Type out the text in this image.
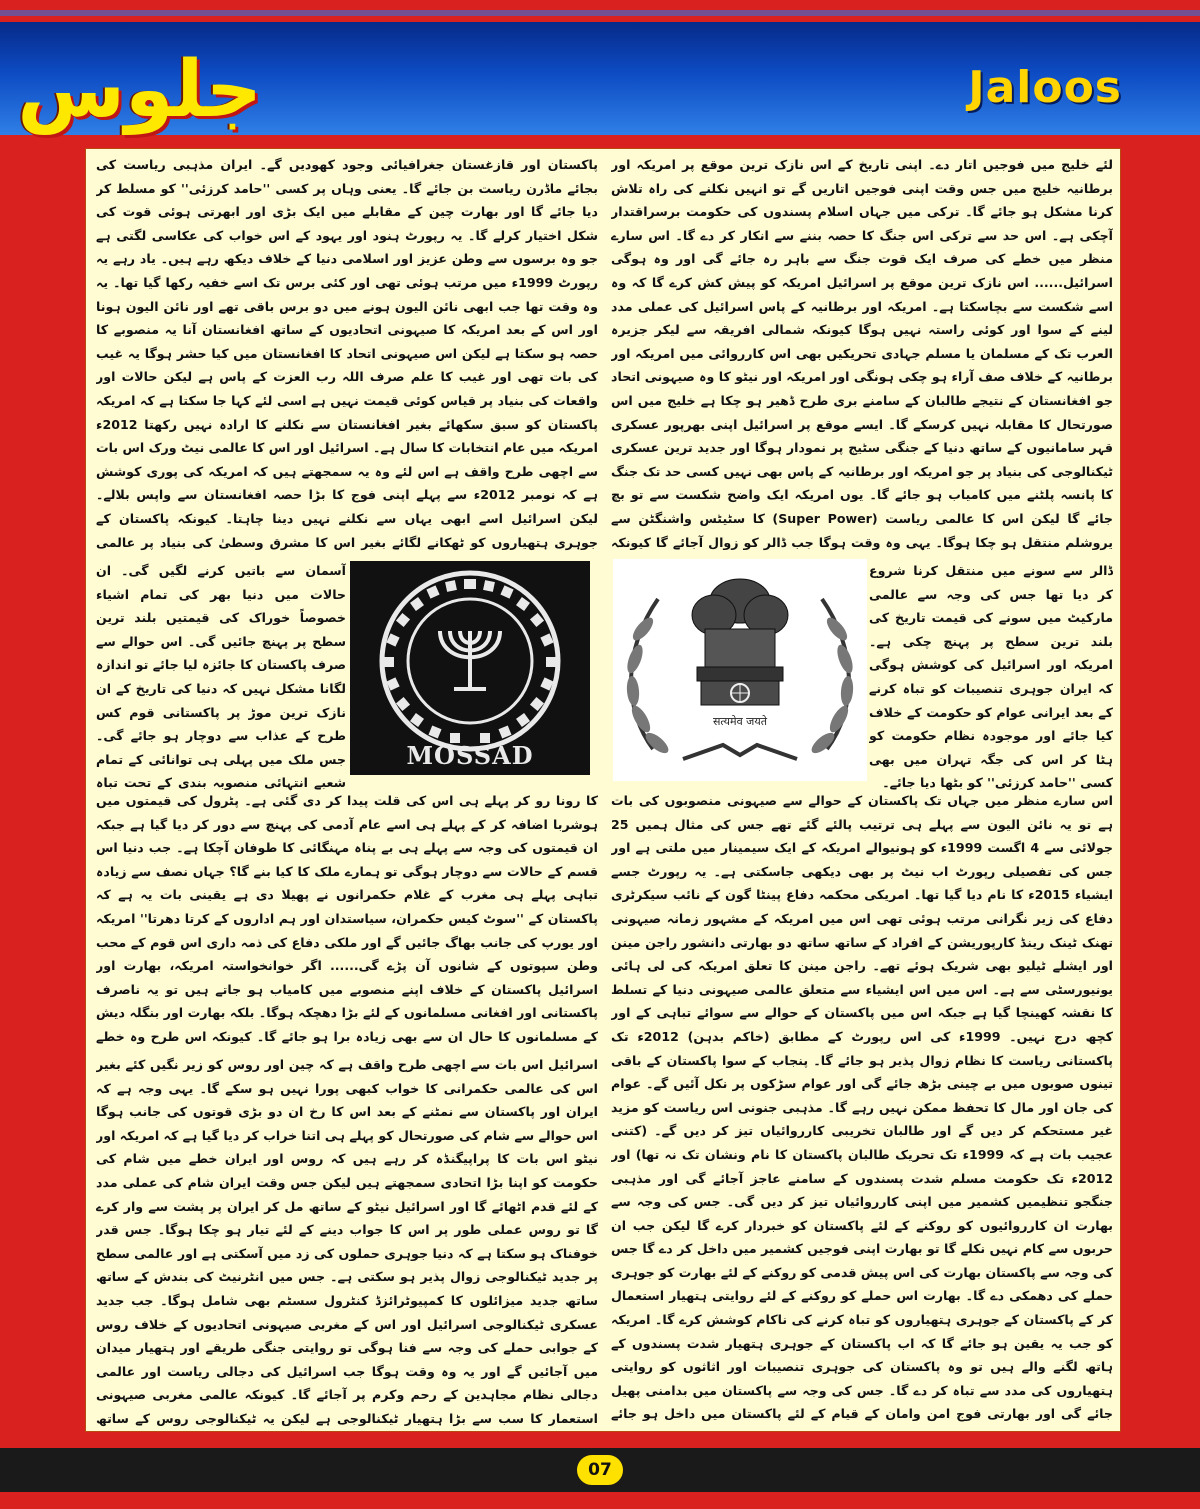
جلوس	Jaloos

لئے خلیج میں فوجیں اتار دے۔ اپنی تاریخ کے اس نازک ترین موقع پر امریکہ اور برطانیہ خلیج میں جس وقت اپنی فوجیں اتاریں گے تو انہیں نکلنے کی راہ تلاش کرنا مشکل ہو جائے گا۔ ترکی میں جہاں اسلام پسندوں کی حکومت برسراقتدار آچکی ہے۔ اس حد سے ترکی اس جنگ کا حصہ بننے سے انکار کر دے گا۔ اس سارے منظر میں خطے کی صرف ایک قوت جنگ سے باہر رہ جائے گی اور وہ ہوگی اسرائیل...... اس نازک ترین موقع پر اسرائیل امریکہ کو پیش کش کرے گا کہ وہ اسے شکست سے بچاسکتا ہے۔ امریکہ اور برطانیہ کے پاس اسرائیل کی عملی مدد لینے کے سوا اور کوئی راستہ نہیں ہوگا کیونکہ شمالی افریقہ سے لیکر جزیرہ العرب تک کے مسلمان یا مسلم جہادی تحریکیں بھی اس کارروائی میں امریکہ اور برطانیہ کے خلاف صف آراء ہو چکی ہونگی اور امریکہ اور نیٹو کا وہ صیہونی اتحاد جو افغانستان کے نتیجے طالبان کے سامنے بری طرح ڈھیر ہو چکا ہے خلیج میں اس صورتحال کا مقابلہ نہیں کرسکے گا۔ ایسے موقع پر اسرائیل اپنی بھرپور عسکری قہر سامانیوں کے ساتھ دنیا کے جنگی سٹیج پر نمودار ہوگا اور جدید ترین عسکری ٹیکنالوجی کی بنیاد پر جو امریکہ اور برطانیہ کے پاس بھی نہیں کسی حد تک جنگ کا پانسہ پلٹنے میں کامیاب ہو جائے گا۔ یوں امریکہ ایک واضح شکست سے تو بچ جائے گا لیکن اس کا عالمی ریاست (Super Power) کا سٹیٹس واشنگٹن سے یروشلم منتقل ہو چکا ہوگا۔ یہی وہ وقت ہوگا جب ڈالر کو زوال آجائے گا کیونکہ

सत्यमेव जयते

ڈالر سے سونے میں منتقل کرنا شروع کر دیا تھا جس کی وجہ سے عالمی مارکیٹ میں سونے کی قیمت تاریخ کی بلند ترین سطح پر پہنچ چکی ہے۔ امریکہ اور اسرائیل کی کوشش ہوگی کہ ایران جوہری تنصیبات کو تباہ کرنے کے بعد ایرانی عوام کو حکومت کے خلاف کیا جائے اور موجودہ نظام حکومت کو ہٹا کر اس کی جگہ تہران میں بھی کسی ''حامد کرزئی'' کو بٹھا دیا جائے۔

اس سارے منظر میں جہاں تک پاکستان کے حوالے سے صیہونی منصوبوں کی بات ہے تو یہ نائن الیون سے پہلے ہی ترتیب پالئے گئے تھے جس کی مثال ہمیں 25 جولائی سے 4 اگست 1999ء کو ہونیوالے امریکہ کے ایک سیمینار میں ملتی ہے اور جس کی تفصیلی رپورٹ اب نیٹ پر بھی دیکھی جاسکتی ہے۔ یہ رپورٹ جسے ایشیاء 2015ء کا نام دیا گیا تھا۔ امریکی محکمہ دفاع پینٹا گون کے نائب سیکرٹری دفاع کی زیر نگرانی مرتب ہوئی تھی اس میں امریکہ کے مشہور زمانہ صیہونی تھنک ٹینک رینڈ کارپوریشن کے افراد کے ساتھ ساتھ دو بھارتی دانشور راجن مینن اور ایشلے ٹیلیو بھی شریک ہوئے تھے۔ راجن مینن کا تعلق امریکہ کی لی ہائی یونیورسٹی سے ہے۔ اس میں اس ایشیاء سے متعلق عالمی صیہونی دنیا کے تسلط کا نقشہ کھینچا گیا ہے جبکہ اس میں پاکستان کے حوالے سے سوائے تباہی کے اور کچھ درج نہیں۔ 1999ء کی اس رپورٹ کے مطابق (خاکم بدہن) 2012ء تک پاکستانی ریاست کا نظام زوال پذیر ہو جائے گا۔ پنجاب کے سوا پاکستان کے باقی تینوں صوبوں میں بے چینی بڑھ جائے گی اور عوام سڑکوں پر نکل آئیں گے۔ عوام کی جان اور مال کا تحفظ ممکن نہیں رہے گا۔ مذہبی جنونی اس ریاست کو مزید غیر مستحکم کر دیں گے اور طالبان تخریبی کارروائیاں تیز کر دیں گے۔ (کتنی عجیب بات ہے کہ 1999ء تک تحریک طالبان پاکستان کا نام ونشان تک نہ تھا) اور 2012ء تک حکومت مسلم شدت پسندوں کے سامنے عاجز آجائے گی اور مذہبی جنگجو تنظیمیں کشمیر میں اپنی کارروائیاں تیز کر دیں گی۔ جس کی وجہ سے بھارت ان کارروائیوں کو روکنے کے لئے پاکستان کو خبردار کرے گا لیکن جب ان حربوں سے کام نہیں نکلے گا تو بھارت اپنی فوجیں کشمیر میں داخل کر دے گا جس کی وجہ سے پاکستان بھارت کی اس پیش قدمی کو روکنے کے لئے بھارت کو جوہری حملے کی دھمکی دے گا۔ بھارت اس حملے کو روکنے کے لئے روایتی ہتھیار استعمال کر کے پاکستان کے جوہری ہتھیاروں کو تباہ کرنے کی ناکام کوشش کرے گا۔ امریکہ کو جب یہ یقین ہو جائے گا کہ اب پاکستان کے جوہری ہتھیار شدت پسندوں کے ہاتھ لگنے والے ہیں تو وہ پاکستان کی جوہری تنصیبات اور اثاثوں کو روایتی ہتھیاروں کی مدد سے تباہ کر دے گا۔ جس کی وجہ سے پاکستان میں بدامنی پھیل جائے گی اور بھارتی فوج امن وامان کے قیام کے لئے پاکستان میں داخل ہو جائے

پاکستان اور قازغستان جغرافیائی وجود کھودیں گے۔ ایران مذہبی ریاست کی بجائے ماڈرن ریاست بن جائے گا۔ یعنی وہاں پر کسی ''حامد کرزئی'' کو مسلط کر دیا جائے گا اور بھارت چین کے مقابلے میں ایک بڑی اور ابھرتی ہوئی قوت کی شکل اختیار کرلے گا۔ یہ رپورٹ ہنود اور یہود کے اس خواب کی عکاسی لگتی ہے جو وہ برسوں سے وطن عزیز اور اسلامی دنیا کے خلاف دیکھ رہے ہیں۔ یاد رہے یہ رپورٹ 1999ء میں مرتب ہوئی تھی اور کئی برس تک اسے خفیہ رکھا گیا تھا۔ یہ وہ وقت تھا جب ابھی نائن الیون ہونے میں دو برس باقی تھے اور نائن الیون ہونا اور اس کے بعد امریکہ کا صیہونی اتحادیوں کے ساتھ افغانستان آنا یہ منصوبے کا حصہ ہو سکتا ہے لیکن اس صیہونی اتحاد کا افغانستان میں کیا حشر ہوگا یہ غیب کی بات تھی اور غیب کا علم صرف اللہ رب العزت کے پاس ہے لیکن حالات اور واقعات کی بنیاد پر قیاس کوئی قیمت نہیں ہے اسی لئے کہا جا سکتا ہے کہ امریکہ پاکستان کو سبق سکھائے بغیر افغانستان سے نکلنے کا ارادہ نہیں رکھتا 2012ء امریکہ میں عام انتخابات کا سال ہے۔ اسرائیل اور اس کا عالمی نیٹ ورک اس بات سے اچھی طرح واقف ہے اس لئے وہ یہ سمجھتے ہیں کہ امریکہ کی پوری کوشش ہے کہ نومبر 2012ء سے پہلے اپنی فوج کا بڑا حصہ افغانستان سے واپس بلالے۔ لیکن اسرائیل اسے ابھی یہاں سے نکلنے نہیں دینا چاہتا۔ کیونکہ پاکستان کے جوہری ہتھیاروں کو ٹھکانے لگائے بغیر اس کا مشرق وسطیٰ کی بنیاد پر عالمی

آسمان سے باتیں کرنے لگیں گی۔ ان حالات میں دنیا بھر کی تمام اشیاء خصوصاً خوراک کی قیمتیں بلند ترین سطح پر پہنچ جائیں گی۔ اس حوالے سے صرف پاکستان کا جائزہ لیا جائے تو اندازہ لگانا مشکل نہیں کہ دنیا کی تاریخ کے ان نازک ترین موڑ پر پاکستانی قوم کس طرح کے عذاب سے دوچار ہو جائے گی۔ جس ملک میں پہلی ہی توانائی کے تمام شعبے انتہائی منصوبہ بندی کے تحت تباہ

MOSSAD

کا رونا رو کر پہلے ہی اس کی قلت پیدا کر دی گئی ہے۔ پٹرول کی قیمتوں میں ہوشربا اضافہ کر کے پہلے ہی اسے عام آدمی کی پہنچ سے دور کر دیا گیا ہے جبکہ ان قیمتوں کی وجہ سے پہلے ہی بے پناہ مہنگائی کا طوفان آچکا ہے۔ جب دنیا اس قسم کے حالات سے دوچار ہوگی تو ہمارے ملک کا کیا بنے گا؟ جہاں نصف سے زیادہ تباہی پہلے ہی مغرب کے غلام حکمرانوں نے پھیلا دی ہے یقینی بات یہ ہے کہ پاکستان کے ''سوٹ کیس حکمران، سیاستدان اور ہم اداروں کے کرتا دھرتا'' امریکہ اور یورپ کی جانب بھاگ جائیں گے اور ملکی دفاع کی ذمہ داری اس قوم کے محب وطن سپوتوں کے شانوں آن پڑے گی...... اگر خوانخواستہ امریکہ، بھارت اور اسرائیل پاکستان کے خلاف اپنے منصوبے میں کامیاب ہو جاتے ہیں تو یہ ناصرف پاکستانی اور افغانی مسلمانوں کے لئے بڑا دھچکہ ہوگا۔ بلکہ بھارت اور بنگلہ دیش کے مسلمانوں کا حال ان سے بھی زیادہ برا ہو جائے گا۔ کیونکہ اس طرح وہ خطے

اسرائیل اس بات سے اچھی طرح واقف ہے کہ چین اور روس کو زیر نگیں کئے بغیر اس کی عالمی حکمرانی کا خواب کبھی پورا نہیں ہو سکے گا۔ یہی وجہ ہے کہ ایران اور پاکستان سے نمٹنے کے بعد اس کا رخ ان دو بڑی قوتوں کی جانب ہوگا اس حوالے سے شام کی صورتحال کو پہلے ہی اتنا خراب کر دیا گیا ہے کہ امریکہ اور نیٹو اس بات کا پراپیگنڈہ کر رہے ہیں کہ روس اور ایران خطے میں شام کی حکومت کو اپنا بڑا اتحادی سمجھتے ہیں لیکن جس وقت ایران شام کی عملی مدد کے لئے قدم اٹھائے گا اور اسرائیل نیٹو کے ساتھ مل کر ایران پر پشت سے وار کرے گا تو روس عملی طور پر اس کا جواب دینے کے لئے تیار ہو چکا ہوگا۔ جس قدر خوفناک ہو سکتا ہے کہ دنیا جوہری حملوں کی زد میں آسکتی ہے اور عالمی سطح پر جدید ٹیکنالوجی زوال پذیر ہو سکتی ہے۔ جس میں انٹرنیٹ کی بندش کے ساتھ ساتھ جدید میزائلوں کا کمپیوٹرائزڈ کنٹرول سسٹم بھی شامل ہوگا۔ جب جدید عسکری ٹیکنالوجی اسرائیل اور اس کے مغربی صیہونی اتحادیوں کے خلاف روس کے جوابی حملے کی وجہ سے فنا ہوگی تو روایتی جنگی طریقے اور ہتھیار میدان میں آجائیں گے اور یہ وہ وقت ہوگا جب اسرائیل کی دجالی ریاست اور عالمی دجالی نظام مجاہدین کے رحم وکرم پر آجائے گا۔ کیونکہ عالمی مغربی صیہونی استعمار کا سب سے بڑا ہتھیار ٹیکنالوجی ہے لیکن یہ ٹیکنالوجی روس کے ساتھ

07
